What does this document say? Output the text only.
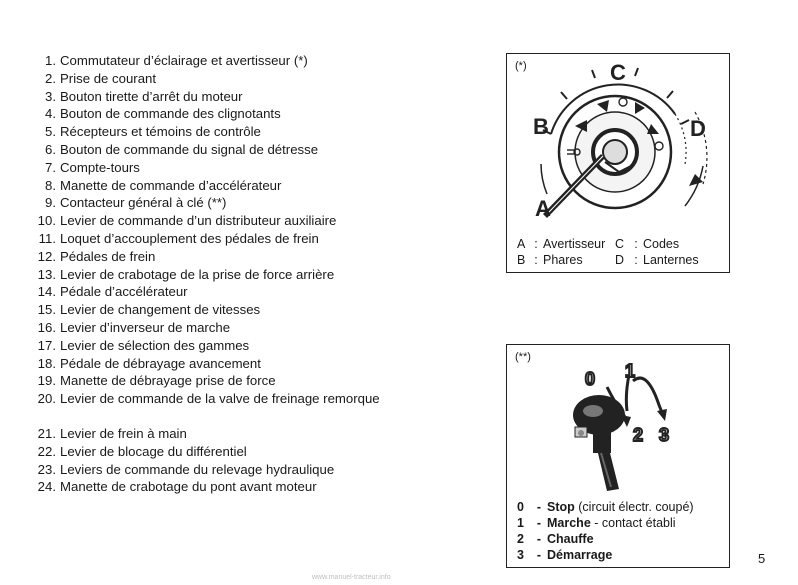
1. Commutateur d’éclairage et avertisseur (*)
2. Prise de courant
3. Bouton tirette d’arrêt du moteur
4. Bouton de commande des clignotants
5. Récepteurs et témoins de contrôle
6. Bouton de commande du signal de détresse
7. Compte-tours
8. Manette de commande d’accélérateur
9. Contacteur général à clé (**)
10. Levier de commande d’un distributeur auxiliaire
11. Loquet d’accouplement des pédales de frein
12. Pédales de frein
13. Levier de crabotage de la prise de force arrière
14. Pédale d’accélérateur
15. Levier de changement de vitesses
16. Levier d’inverseur de marche
17. Levier de sélection des gammes
18. Pédale de débrayage avancement
19. Manette de débrayage prise de force
20. Levier de commande de la valve de freinage remorque
21. Levier de frein à main
22. Levier de blocage du différentiel
23. Leviers de commande du relevage hydraulique
24. Manette de crabotage du pont avant moteur
(*)	C
B	D
A
A : Avertisseur C : Codes
B : Phares	D : Lanternes
(**)
0 1
2 3
0 - Stop (circuit électr. coupé)
1 - Marche - contact établi
2 - Chauffe
3 - Démarrage	5
www.manuel-tracteur.info
